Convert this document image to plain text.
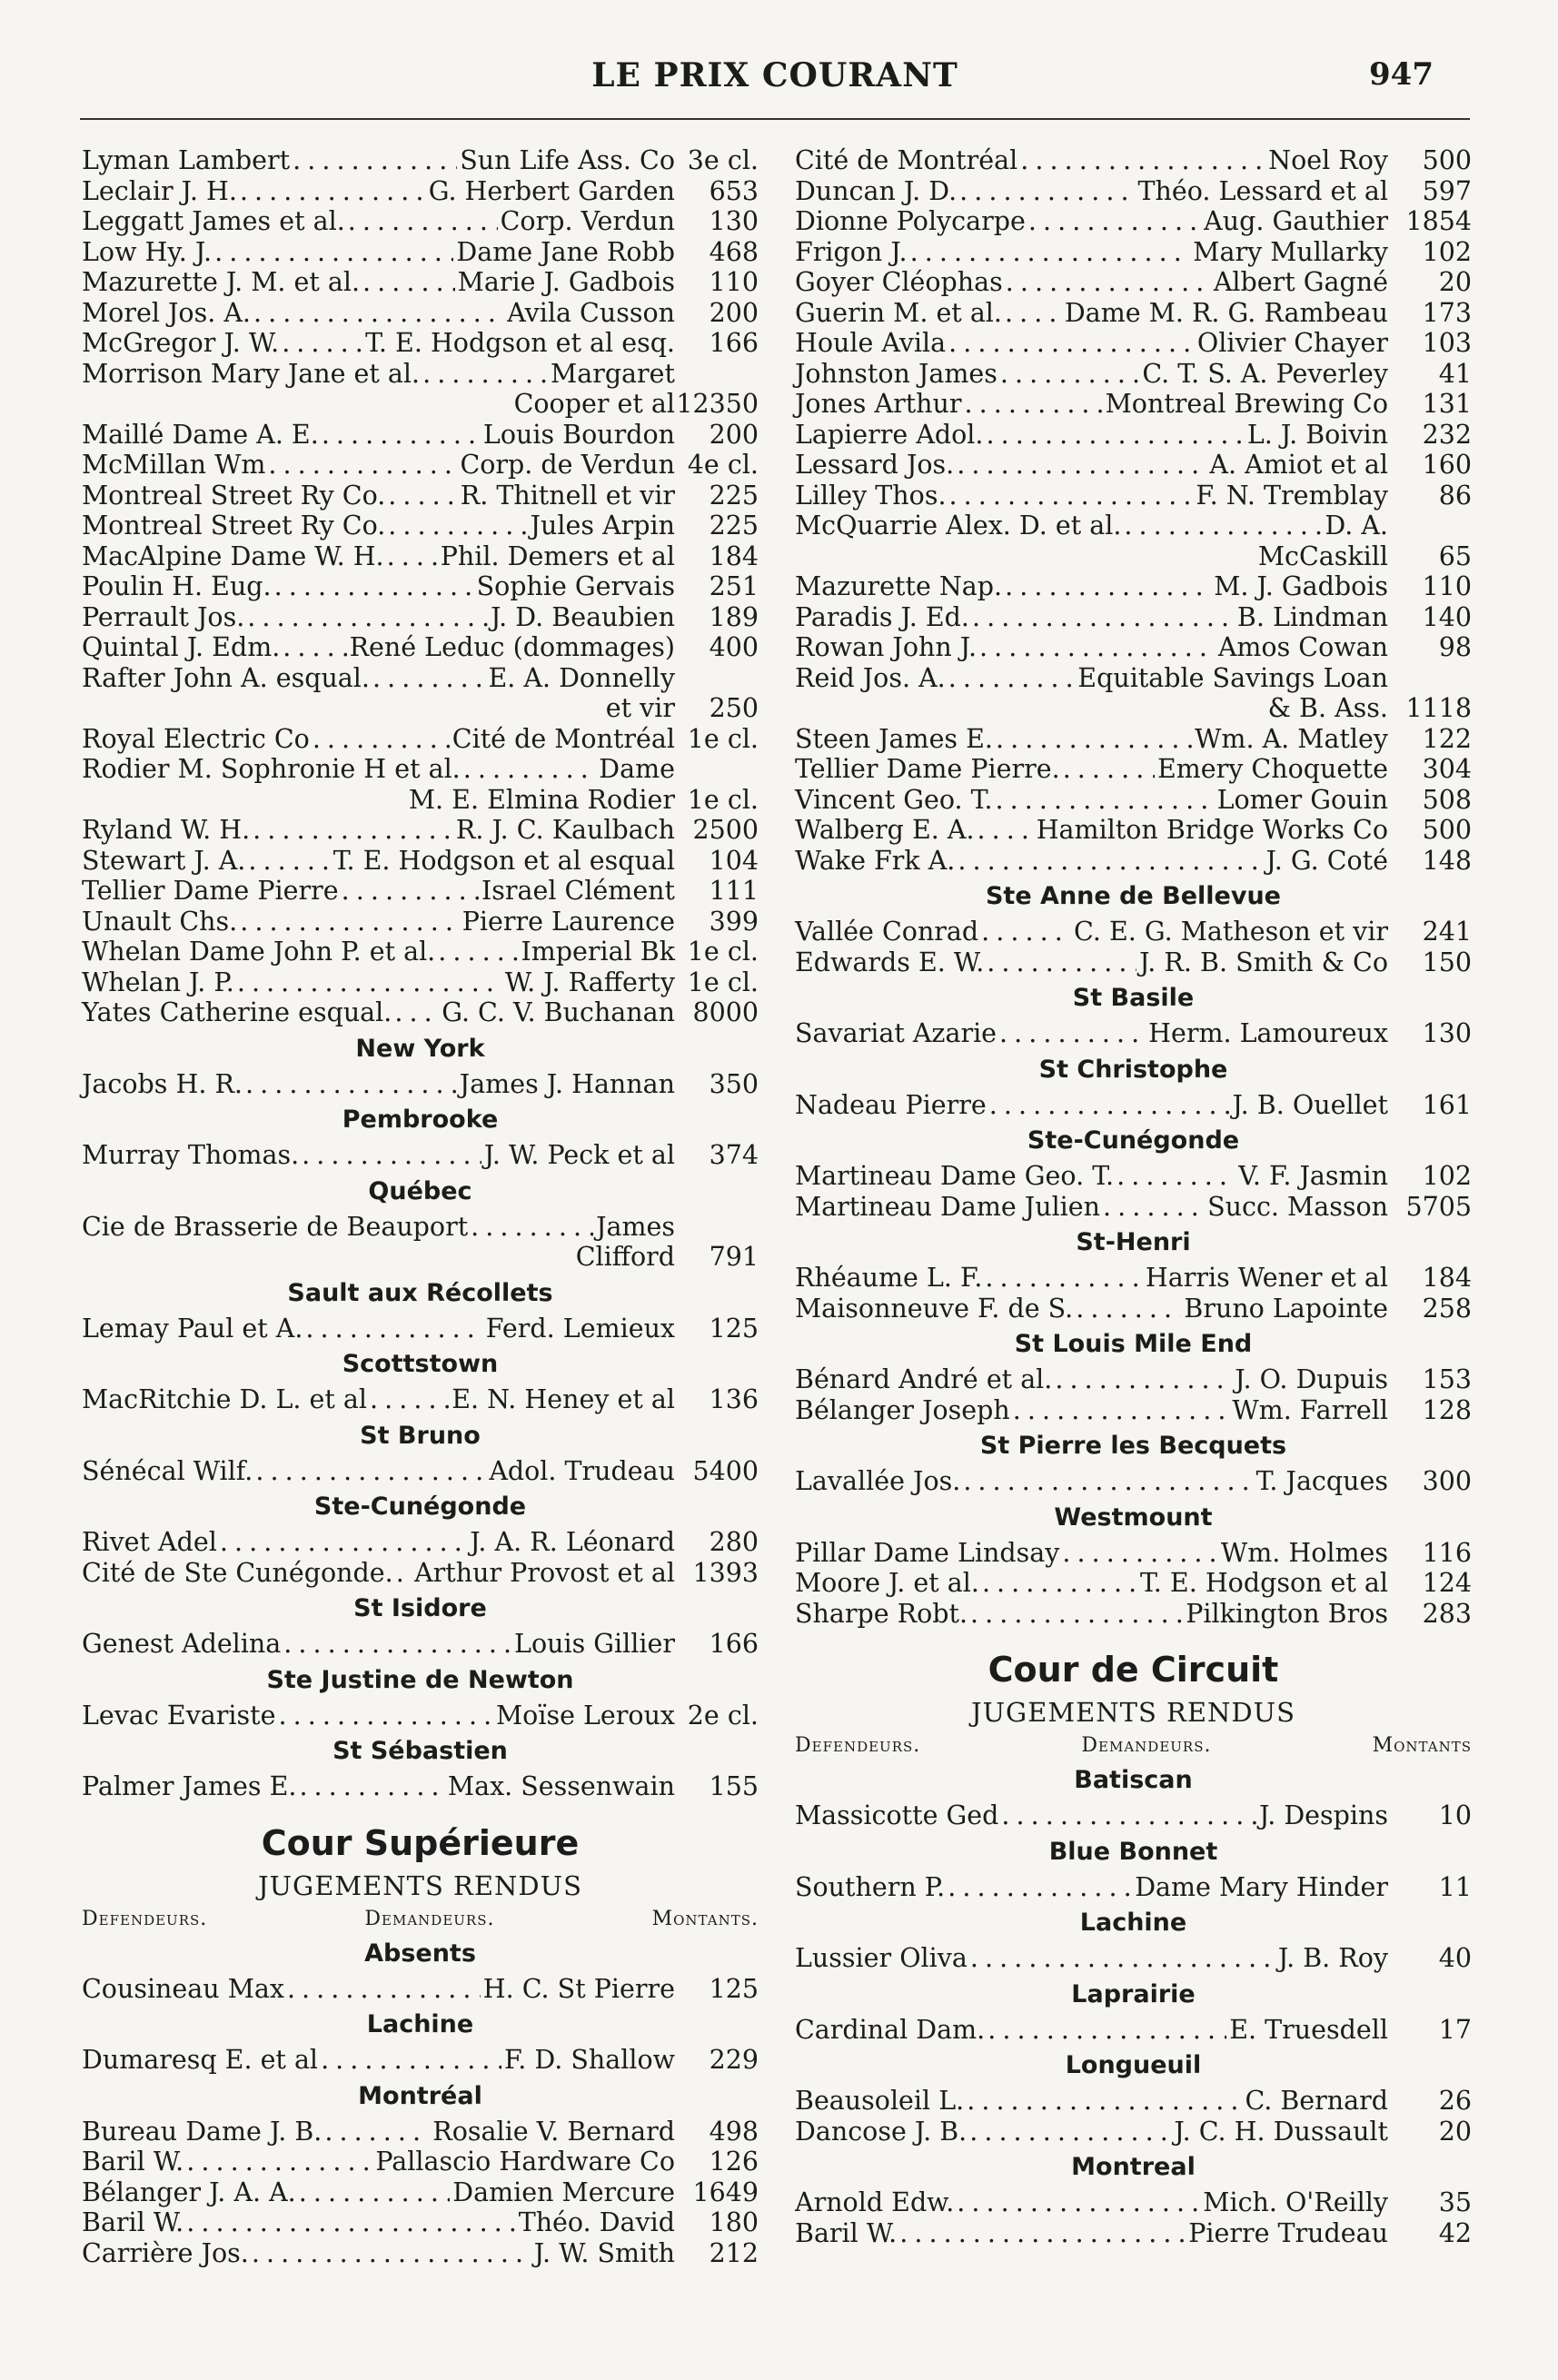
LE PRIX COURANT	947
Lyman Lambert . . .	Sun Life Ass. Co 3e cl.
Leclair J. H. . . .	G. Herbert Garden	653
Leggatt James et al. . . .	Corp. Verdun	130
Low Hy. J. . . .	Dame Jane Robb	468
Mazurette J. M. et al. . . .	Marie J. Gadbois	110
Morel Jos. A. . . .	Avila Cusson	200
McGregor J. W. . . .	T. E. Hodgson et al esq.	166
Morrison Mary Jane et al. . . .	Margaret
Cooper et al 12350
Maillé Dame A. E. . . .	Louis Bourdon	200
McMillan Wm . . .	Corp. de Verdun 4e cl.
Montreal Street Ry Co. . . .	R. Thitnell et vir	225
Montreal Street Ry Co. . . .	Jules Arpin	225
MacAlpine Dame W. H. . . . Phil. Demers et al	184
Poulin H. Eug. . . .	Sophie Gervais	251
Perrault Jos. . . .	J. D. Beaubien	189
Quintal J. Edm. . . .	René Leduc (dommages)	400
Rafter John A. esqual. . . .	E. A. Donnelly
et vir	250
Royal Electric Co . . .	Cité de Montréal 1e cl.
Rodier M. Sophronie H et al. . . .	Dame
M. E. Elmina Rodier 1e cl.
Ryland W. H. . . .	R. J. C. Kaulbach 2500
Stewart J. A. . . .	T. E. Hodgson et al esqual	104
Tellier Dame Pierre . . .	Israel Clément	111
Unault Chs. . . .	Pierre Laurence	399
Whelan Dame John P. et al. . . .	Imperial Bk 1e cl.
Whelan J. P. . . .	W. J. Rafferty 1e cl.
Yates Catherine esqual. . . . G. C. V. Buchanan 8000
New York
Jacobs H. R. . . .	James J. Hannan	350
Pembrooke
Murray Thomas. . . .	J. W. Peck et al	374
Québec
Cie de Brasserie de Beauport . . .	James
Clifford	791
Sault aux Récollets
Lemay Paul et A. . . .	Ferd. Lemieux	125
Scottstown
MacRitchie D. L. et al . . .	E. N. Heney et al	136
St Bruno
Sénécal Wilf. . . .	Adol. Trudeau 5400
Ste-Cunégonde
Rivet Adel . . .	J. A. R. Léonard	280
Cité de Ste Cunégonde. . . . Arthur Provost et al 1393
St Isidore
Genest Adelina . . .	Louis Gillier	166
Ste Justine de Newton
Levac Evariste . . .	Moïse Leroux 2e cl.
St Sébastien
Palmer James E. . . .	Max. Sessenwain	155
Cour Supérieure
JUGEMENTS RENDUS
Defendeurs.	Demandeurs.	Montants.
Absents
Cousineau Max . . .	H. C. St Pierre	125
Lachine
Dumaresq E. et al . . .	F. D. Shallow	229
Montréal
Bureau Dame J. B. . . .	Rosalie V. Bernard	498
Baril W. . . .	Pallascio Hardware Co	126
Bélanger J. A. A. . . .	Damien Mercure 1649
Baril W. . . .	Théo. David	180
Carrière Jos. . . .	J. W. Smith	212
Cité de Montréal . . .	Noel Roy	500
Duncan J. D. . . .	Théo. Lessard et al	597
Dionne Polycarpe . . .	Aug. Gauthier 1854
Frigon J. . . .	Mary Mullarky	102
Goyer Cléophas . . .	Albert Gagné	20
Guerin M. et al. . . . Dame M. R. G. Rambeau	173
Houle Avila . . .	Olivier Chayer	103
Johnston James . . .	C. T. S. A. Peverley	41
Jones Arthur . . .	Montreal Brewing Co	131
Lapierre Adol. . . .	L. J. Boivin	232
Lessard Jos. . . .	A. Amiot et al	160
Lilley Thos. . . .	F. N. Tremblay	86
McQuarrie Alex. D. et al. . . .	D. A.
McCaskill	65
Mazurette Nap. . . .	M. J. Gadbois	110
Paradis J. Ed. . . .	B. Lindman	140
Rowan John J. . . .	Amos Cowan	98
Reid Jos. A. . . .	Equitable Savings Loan
& B. Ass. 1118
Steen James E. . . .	Wm. A. Matley	122
Tellier Dame Pierre. . . .	Emery Choquette	304
Vincent Geo. T. . . .	Lomer Gouin	508
Walberg E. A. . . . Hamilton Bridge Works Co	500
Wake Frk A. . . .	J. G. Coté	148
Ste Anne de Bellevue
Vallée Conrad . . .	C. E. G. Matheson et vir	241
Edwards E. W. . . .	J. R. B. Smith & Co	150
St Basile
Savariat Azarie . . .	Herm. Lamoureux	130
St Christophe
Nadeau Pierre . . .	J. B. Ouellet	161
Ste-Cunégonde
Martineau Dame Geo. T. . . .	V. F. Jasmin	102
Martineau Dame Julien . . .	Succ. Masson 5705
St-Henri
Rhéaume L. F. . . .	Harris Wener et al	184
Maisonneuve F. de S. . . .	Bruno Lapointe	258
St Louis Mile End
Bénard André et al. . . .	J. O. Dupuis	153
Bélanger Joseph . . .	Wm. Farrell	128
St Pierre les Becquets
Lavallée Jos. . . .	T. Jacques	300
Westmount
Pillar Dame Lindsay . . .	Wm. Holmes	116
Moore J. et al. . . .	T. E. Hodgson et al	124
Sharpe Robt. . . .	Pilkington Bros	283
Cour de Circuit
JUGEMENTS RENDUS
Defendeurs.	Demandeurs.	Montants
Batiscan
Massicotte Ged . . .	J. Despins	10
Blue Bonnet
Southern P. . . .	Dame Mary Hinder	11
Lachine
Lussier Oliva . . .	J. B. Roy	40
Laprairie
Cardinal Dam. . . .	E. Truesdell	17
Longueuil
Beausoleil L. . . .	C. Bernard	26
Dancose J. B. . . .	J. C. H. Dussault	20
Montreal
Arnold Edw. . . .	Mich. O'Reilly	35
Baril W. . . .	Pierre Trudeau	42
